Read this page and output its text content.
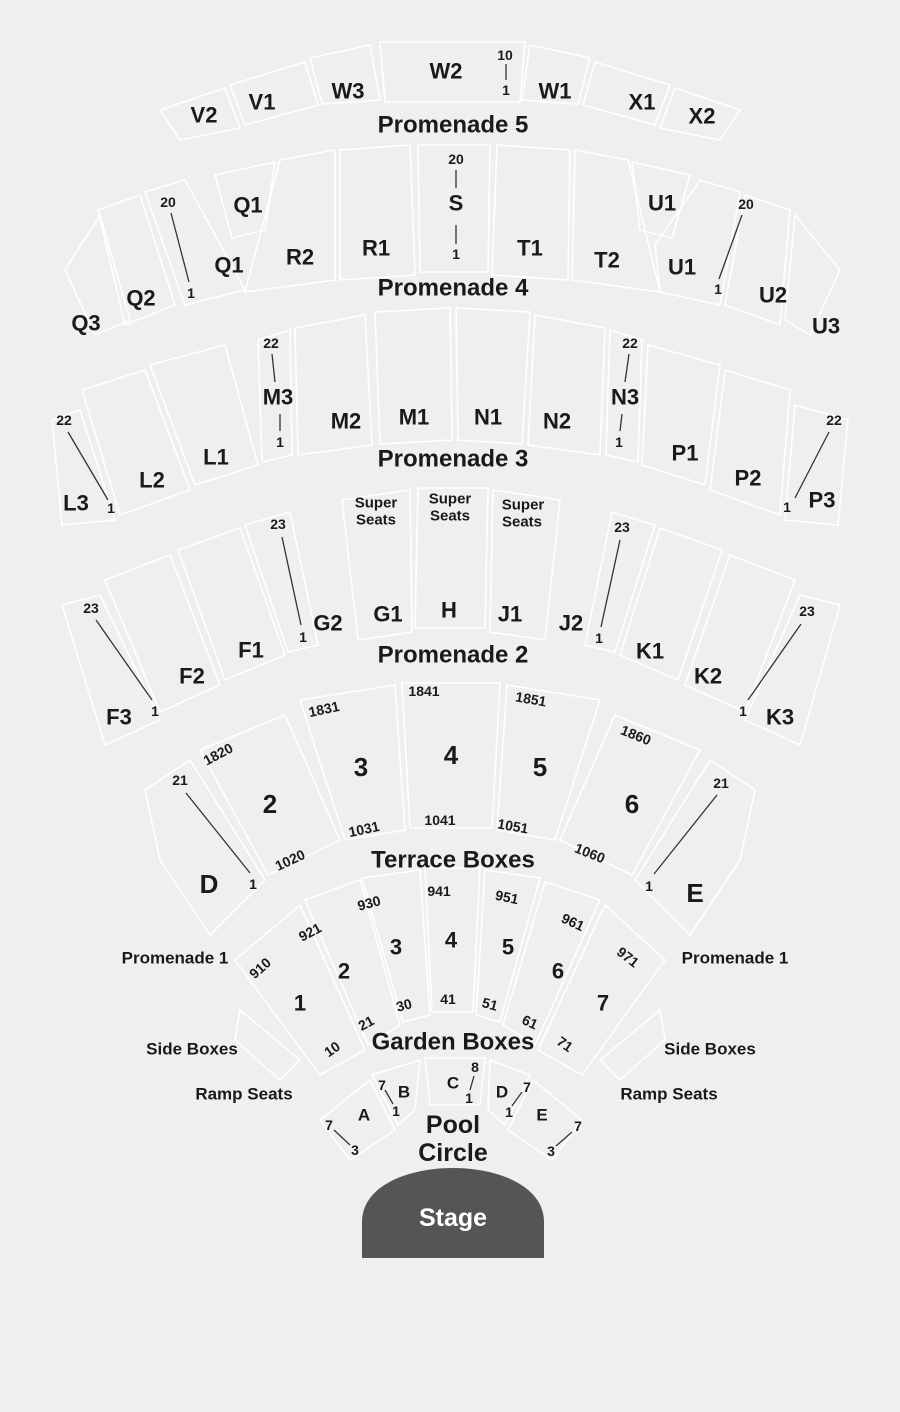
Stage
Promenade 5
Promenade 4
Promenade 3
Promenade 2
Terrace Boxes
Garden Boxes
Promenade 1	Promenade 1
Side Boxes	Side Boxes
Ramp Seats	Ramp Seats
Pool
Circle
V2
V1	W3
W2
W1	X1
X2
Q1
Q1
Q2
Q3
R2 R1
S
T1 T2
U1
U1
U2
U3
L3
L2
L1
M3
M2 M1 N1 N2
N3
P1
P2
P3
Super
Seats
Super
Seats
Super
Seats
F3
F2
F1
G2 G1 H J1 J2
K1
K2
K3
D
2
3	4	5
6
E
1
2
3 4 5
6
7
A
B C D
E
10
1
20
1
20
1
20
1
22
1
22
1
22
1
22
1
23
1
23
1
23
1
23
1
21
1
21
1
1820
1020
1831
1031
1841
1041
1851
1051
1860
1060
910
10
921
21
930
30
941
41
951
51
961
61
971
71
7
3
7
1
8
1
7
1
7
3
